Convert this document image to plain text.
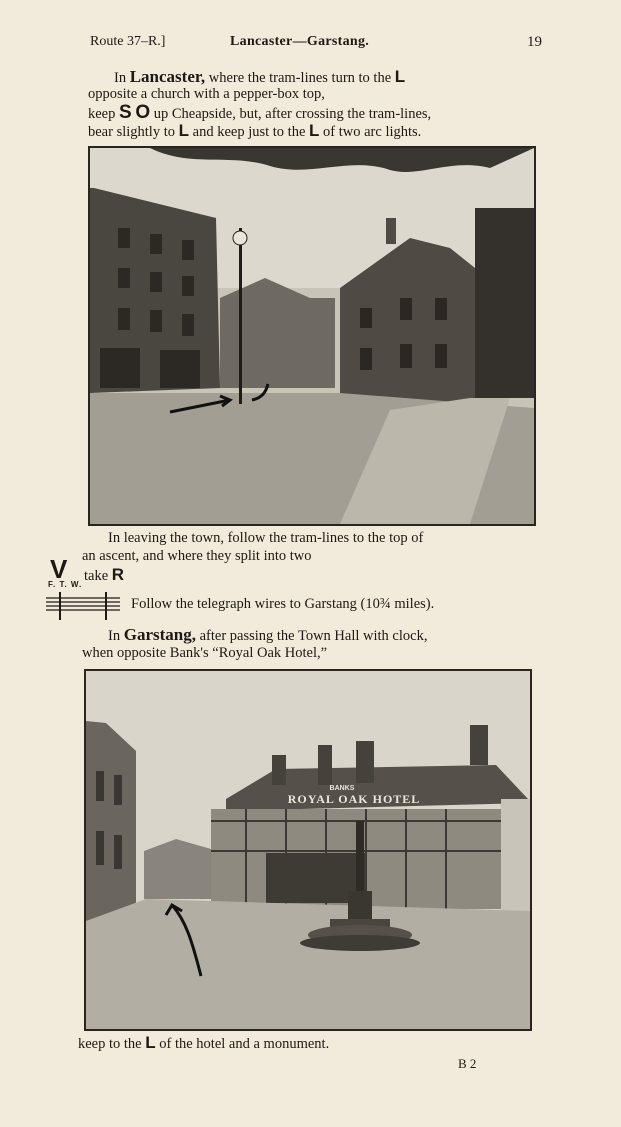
Route 37–R.]	Lancaster—Garstang.	19
In Lancaster, where the tram-lines turn to the L
opposite a church with a pepper-box top,
keep S O up Cheapside, but, after crossing the tram-lines,
bear slightly to L and keep just to the L of two arc lights.
In leaving the town, follow the tram-lines to the top of
an ascent, and where they split into two
V take R
F. T. W.
Follow the telegraph wires to Garstang (10¾ miles).
In Garstang, after passing the Town Hall with clock,
when opposite Bank's “Royal Oak Hotel,”
BANKS
ROYAL OAK HOTEL
keep to the L of the hotel and a monument.
B 2
